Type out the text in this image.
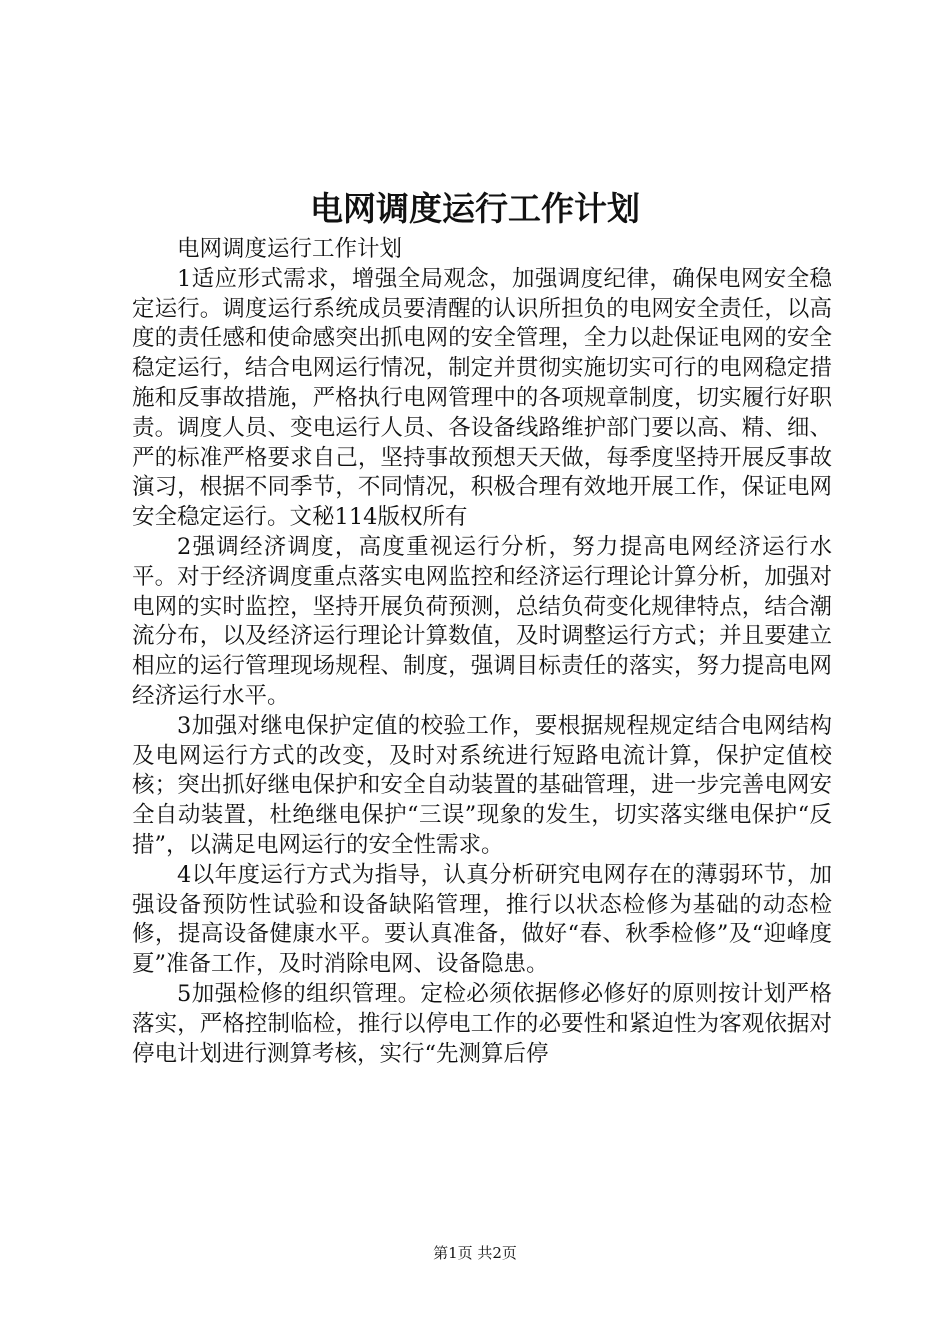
电网调度运行工作计划

电网调度运行工作计划

1适应形式需求，增强全局观念，加强调度纪律，确保电网安全稳定运行。调度运行系统成员要清醒的认识所担负的电网安全责任，以高度的责任感和使命感突出抓电网的安全管理，全力以赴保证电网的安全稳定运行，结合电网运行情况，制定并贯彻实施切实可行的电网稳定措施和反事故措施，严格执行电网管理中的各项规章制度，切实履行好职责。调度人员、变电运行人员、各设备线路维护部门要以高、精、细、严的标准严格要求自己，坚持事故预想天天做，每季度坚持开展反事故演习，根据不同季节，不同情况，积极合理有效地开展工作，保证电网安全稳定运行。文秘114版权所有

2强调经济调度，高度重视运行分析，努力提高电网经济运行水平。对于经济调度重点落实电网监控和经济运行理论计算分析，加强对电网的实时监控，坚持开展负荷预测，总结负荷变化规律特点，结合潮流分布，以及经济运行理论计算数值，及时调整运行方式；并且要建立相应的运行管理现场规程、制度，强调目标责任的落实，努力提高电网经济运行水平。

3加强对继电保护定值的校验工作，要根据规程规定结合电网结构及电网运行方式的改变，及时对系统进行短路电流计算，保护定值校核；突出抓好继电保护和安全自动装置的基础管理，进一步完善电网安全自动装置，杜绝继电保护“三误”现象的发生，切实落实继电保护“反措”，以满足电网运行的安全性需求。

4以年度运行方式为指导，认真分析研究电网存在的薄弱环节，加强设备预防性试验和设备缺陷管理，推行以状态检修为基础的动态检修，提高设备健康水平。要认真准备，做好“春、秋季检修”及“迎峰度夏”准备工作，及时消除电网、设备隐患。

5加强检修的组织管理。定检必须依据修必修好的原则按计划严格落实，严格控制临检，推行以停电工作的必要性和紧迫性为客观依据对停电计划进行测算考核，实行“先测算后停

第1页 共2页
